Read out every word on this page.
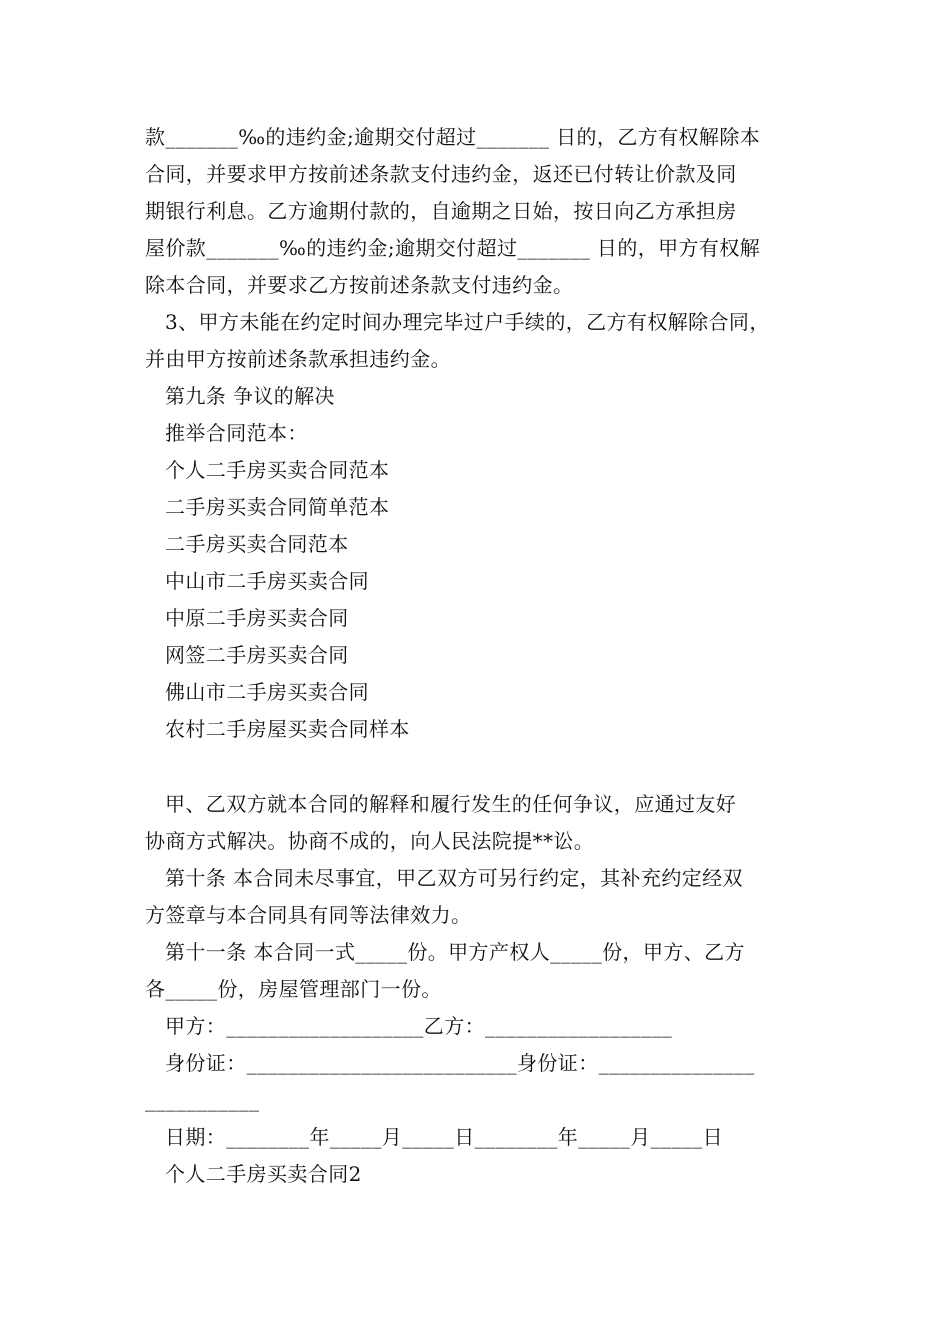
款_______‰的违约金;逾期交付超过_______ 日的，乙方有权解除本
合同，并要求甲方按前述条款支付违约金，返还已付转让价款及同
期银行利息。乙方逾期付款的，自逾期之日始，按日向乙方承担房
屋价款_______‰的违约金;逾期交付超过_______ 日的，甲方有权解
除本合同，并要求乙方按前述条款支付违约金。
3、甲方未能在约定时间办理完毕过户手续的，乙方有权解除合同，
并由甲方按前述条款承担违约金。
第九条 争议的解决
推举合同范本：
个人二手房买卖合同范本
二手房买卖合同简单范本
二手房买卖合同范本
中山市二手房买卖合同
中原二手房买卖合同
网签二手房买卖合同
佛山市二手房买卖合同
农村二手房屋买卖合同样本
甲、乙双方就本合同的解释和履行发生的任何争议，应通过友好
协商方式解决。协商不成的，向人民法院提**讼。
第十条 本合同未尽事宜，甲乙双方可另行约定，其补充约定经双
方签章与本合同具有同等法律效力。
第十一条 本合同一式_____份。甲方产权人_____份，甲方、乙方
各_____份，房屋管理部门一份。
甲方：___________________乙方：__________________
身份证：__________________________身份证：_______________
___________
日期：________年_____月_____日________年_____月_____日
个人二手房买卖合同2
